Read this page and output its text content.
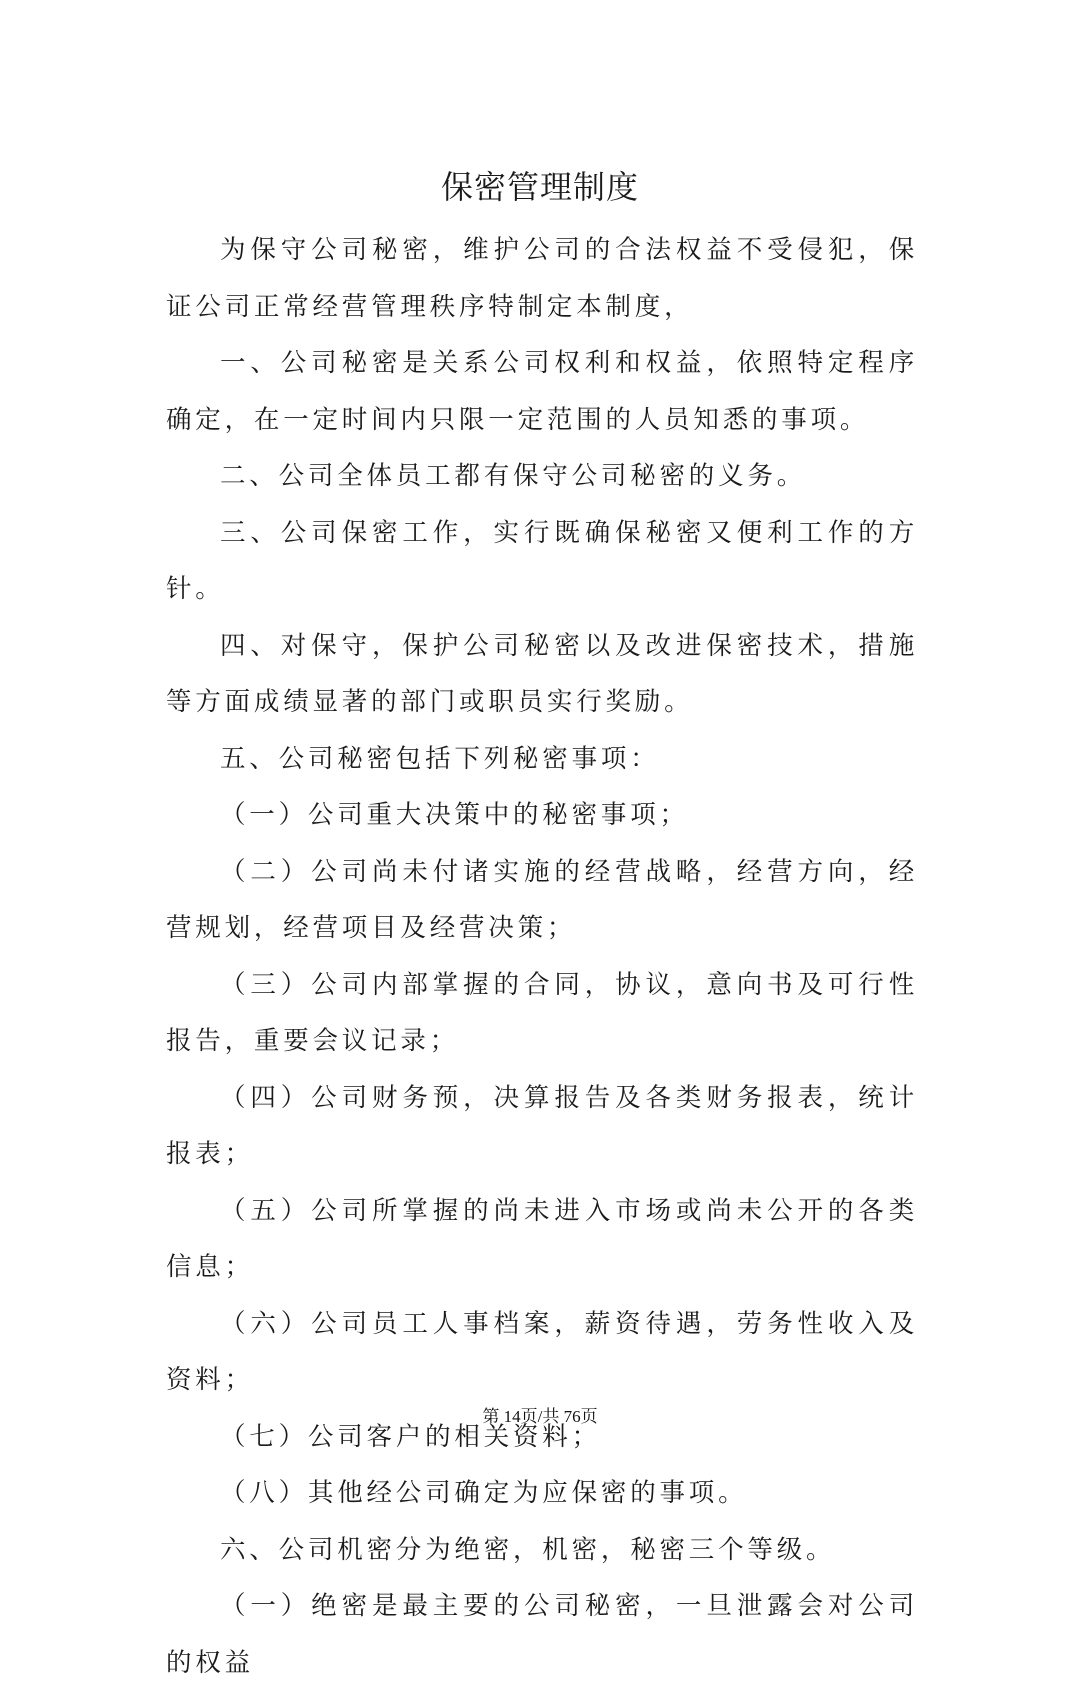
保密管理制度

为保守公司秘密，维护公司的合法权益不受侵犯，保证公司正常经营管理秩序特制定本制度，

一、公司秘密是关系公司权利和权益，依照特定程序确定，在一定时间内只限一定范围的人员知悉的事项。

二、公司全体员工都有保守公司秘密的义务。

三、公司保密工作，实行既确保秘密又便利工作的方针。

四、对保守，保护公司秘密以及改进保密技术，措施等方面成绩显著的部门或职员实行奖励。

五、公司秘密包括下列秘密事项：

（一）公司重大决策中的秘密事项；

（二）公司尚未付诸实施的经营战略，经营方向，经营规划，经营项目及经营决策；

（三）公司内部掌握的合同，协议，意向书及可行性报告，重要会议记录；

（四）公司财务预，决算报告及各类财务报表，统计报表；

（五）公司所掌握的尚未进入市场或尚未公开的各类信息；

（六）公司员工人事档案，薪资待遇，劳务性收入及资料；

（七）公司客户的相关资料；

（八）其他经公司确定为应保密的事项。

六、公司机密分为绝密，机密，秘密三个等级。

（一）绝密是最主要的公司秘密，一旦泄露会对公司的权益

第 14页/共 76页
